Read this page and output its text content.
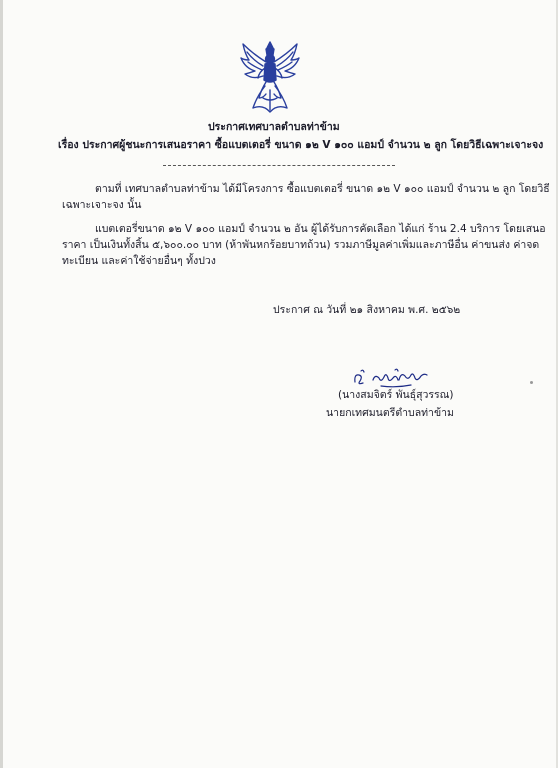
ประกาศเทศบาลตำบลท่าข้าม
เรื่อง ประกาศผู้ชนะการเสนอราคา ซื้อแบตเตอรี่ ขนาด ๑๒ V ๑๐๐ แอมป์ จำนวน ๒ ลูก โดยวิธีเฉพาะเจาะจง
ตามที่ เทศบาลตำบลท่าข้าม ได้มีโครงการ ซื้อแบตเตอรี่ ขนาด ๑๒ V ๑๐๐ แอมป์ จำนวน ๒ ลูก โดยวิธี
เฉพาะเจาะจง นั้น
แบตเตอรี่ขนาด ๑๒ V ๑๐๐ แอมป์ จำนวน ๒ อัน ผู้ได้รับการคัดเลือก ได้แก่ ร้าน 2.4 บริการ โดยเสนอ
ราคา เป็นเงินทั้งสิ้น ๕,๖๐๐.๐๐ บาท (ห้าพันหกร้อยบาทถ้วน) รวมภาษีมูลค่าเพิ่มและภาษีอื่น ค่าขนส่ง ค่าจด
ทะเบียน และค่าใช้จ่ายอื่นๆ ทั้งปวง
ประกาศ ณ วันที่ ๒๑ สิงหาคม พ.ศ. ๒๕๖๒
(นางสมจิตร์ พันธุ์สุวรรณ)
นายกเทศมนตรีตำบลท่าข้าม
